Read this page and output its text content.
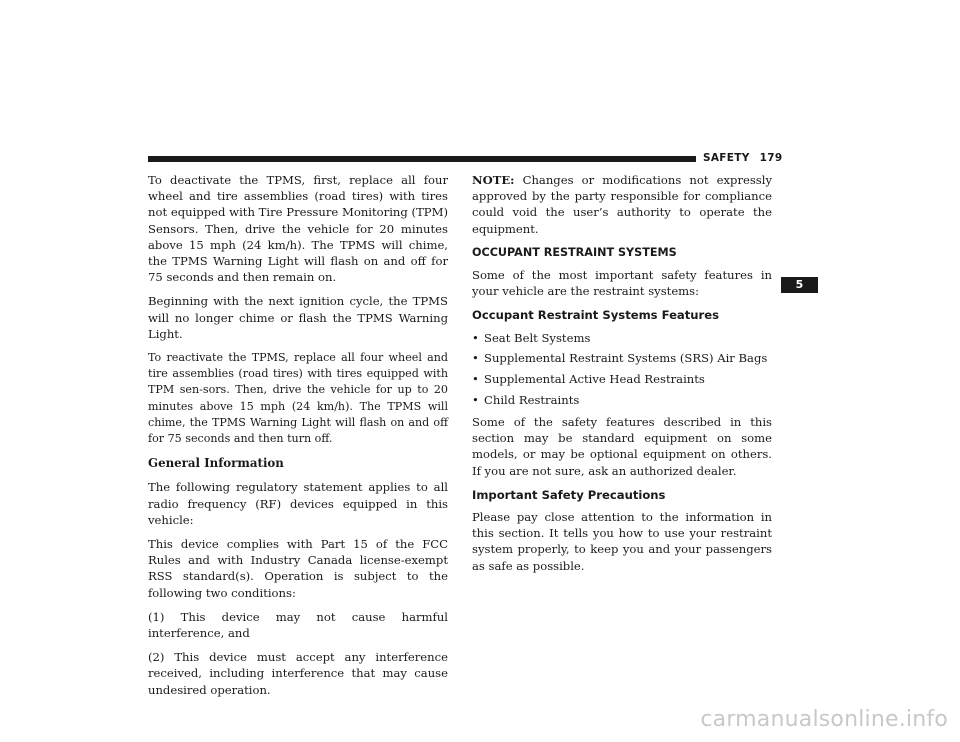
SAFETY 179

To deactivate the TPMS, first, replace all four wheel and tire assemblies (road tires) with tires not equipped with Tire Pressure Monitoring (TPM) Sensors. Then, drive the vehicle for 20 minutes above 15 mph (24 km/h). The TPMS will chime, the TPMS Warning Light will flash on and off for 75 seconds and then remain on.

Beginning with the next ignition cycle, the TPMS will no longer chime or flash the TPMS Warning Light.

To reactivate the TPMS, replace all four wheel and tire assemblies (road tires) with tires equipped with TPM sen-sors. Then, drive the vehicle for up to 20 minutes above 15 mph (24 km/h). The TPMS will chime, the TPMS Warning Light will flash on and off for 75 seconds and then turn off.

General Information

The following regulatory statement applies to all radio frequency (RF) devices equipped in this vehicle:

This device complies with Part 15 of the FCC Rules and with Industry Canada license-exempt RSS standard(s). Operation is subject to the following two conditions:

(1) This device may not cause harmful interference, and

(2) This device must accept any interference received, including interference that may cause undesired operation.

NOTE: Changes or modifications not expressly approved by the party responsible for compliance could void the user’s authority to operate the equipment.

OCCUPANT RESTRAINT SYSTEMS

Some of the most important safety features in your vehicle are the restraint systems:

Occupant Restraint Systems Features
• Seat Belt Systems
• Supplemental Restraint Systems (SRS) Air Bags
• Supplemental Active Head Restraints
• Child Restraints

Some of the safety features described in this section may be standard equipment on some models, or may be optional equipment on others. If you are not sure, ask an authorized dealer.

Important Safety Precautions

Please pay close attention to the information in this section. It tells you how to use your restraint system properly, to keep you and your passengers as safe as possible.

5
carmanualsonline.info
